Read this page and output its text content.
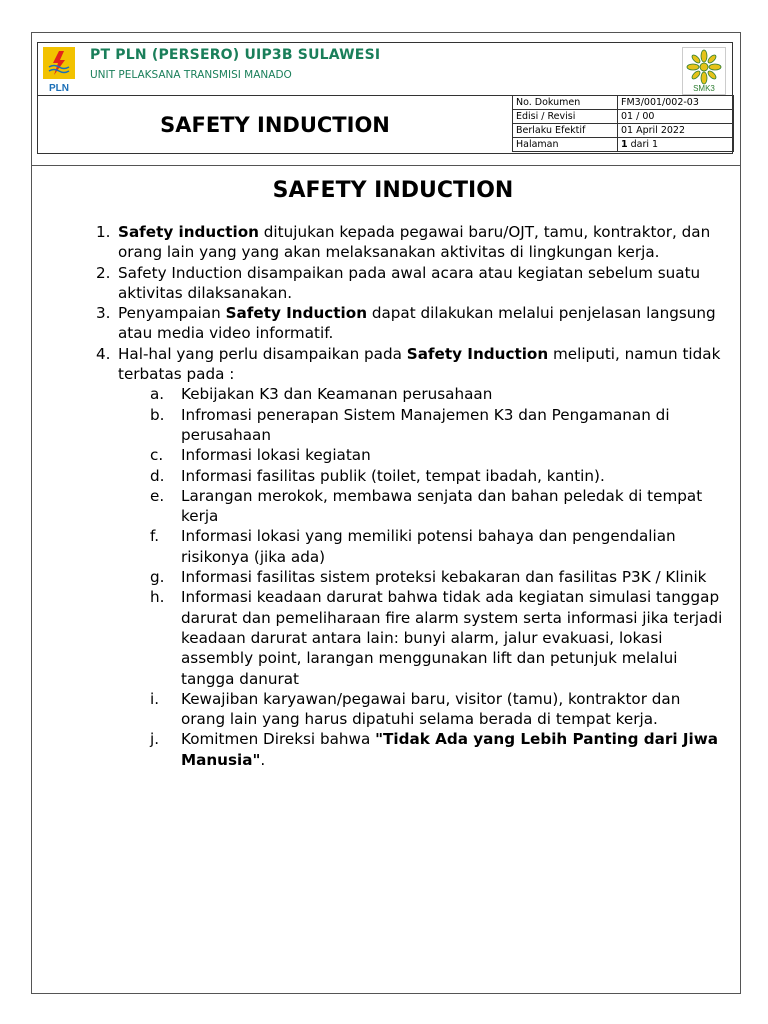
PLN
PT PLN (PERSERO) UIP3B SULAWESI
UNIT PELAKSANA TRANSMISI MANADO
SMK3
SAFETY INDUCTION
No. Dokumen	FM3/001/002-03
Edisi / Revisi	01 / 00
Berlaku Efektif	01 April 2022
Halaman	1 dari 1
SAFETY INDUCTION
1. Safety induction ditujukan kepada pegawai baru/OJT, tamu, kontraktor, dan orang lain yang yang akan melaksanakan aktivitas di lingkungan kerja.
2. Safety Induction disampaikan pada awal acara atau kegiatan sebelum suatu aktivitas dilaksanakan.
3. Penyampaian Safety Induction dapat dilakukan melalui penjelasan langsung atau media video informatif.
4. Hal-hal yang perlu disampaikan pada Safety Induction meliputi, namun tidak terbatas pada :
a. Kebijakan K3 dan Keamanan perusahaan
b. Infromasi penerapan Sistem Manajemen K3 dan Pengamanan di perusahaan
c. Informasi lokasi kegiatan
d. Informasi fasilitas publik (toilet, tempat ibadah, kantin).
e. Larangan merokok, membawa senjata dan bahan peledak di tempat kerja
f. Informasi lokasi yang memiliki potensi bahaya dan pengendalian risikonya (jika ada)
g. Informasi fasilitas sistem proteksi kebakaran dan fasilitas P3K / Klinik
h. Informasi keadaan darurat bahwa tidak ada kegiatan simulasi tanggap darurat dan pemeliharaan fire alarm system serta informasi jika terjadi keadaan darurat antara lain: bunyi alarm, jalur evakuasi, lokasi assembly point, larangan menggunakan lift dan petunjuk melalui tangga danurat
i. Kewajiban karyawan/pegawai baru, visitor (tamu), kontraktor dan orang lain yang harus dipatuhi selama berada di tempat kerja.
j. Komitmen Direksi bahwa "Tidak Ada yang Lebih Panting dari Jiwa Manusia".
